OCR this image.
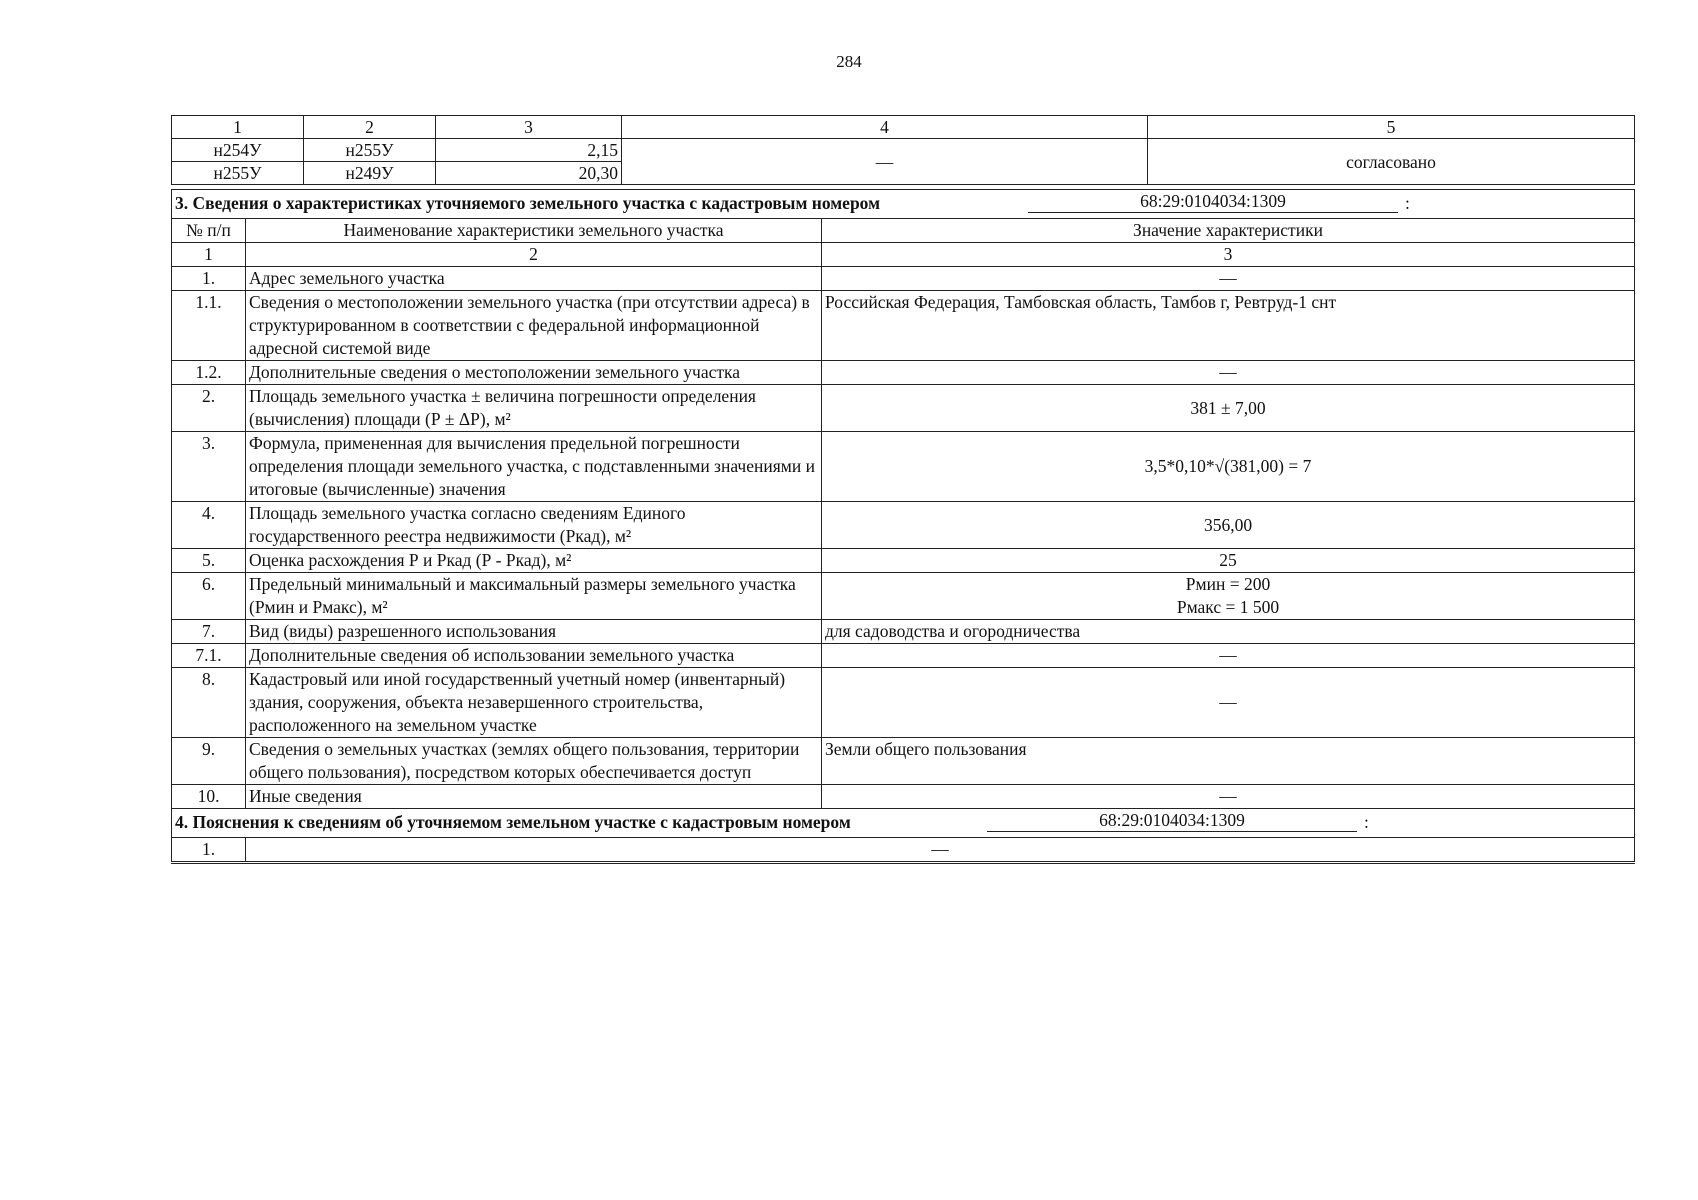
284
1	2	3	4	5
н254У	н255У	2,15	—	согласовано
н255У	н249У	20,30		
3. Сведения о характеристиках уточняемого земельного участка с кадастровым номером 68:29:0104034:1309 :		

№ п/п	Наименование характеристики земельного участка	Значение характеристики
1	2	3
1.	Адрес земельного участка	—
1.1.	Сведения о местоположении земельного участка (при отсутствии адреса) в структурированном в соответствии с федеральной информационной адресной системой виде	Российская Федерация, Тамбовская область, Тамбов г, Ревтруд-1 снт
1.2.	Дополнительные сведения о местоположении земельного участка	—
2.	Площадь земельного участка ± величина погрешности определения (вычисления) площади (Р ± ΔР), м²	381 ± 7,00
3.	Формула, примененная для вычисления предельной погрешности определения площади земельного участка, с подставленными значениями и итоговые (вычисленные) значения	3,5*0,10*√(381,00) = 7
4.	Площадь земельного участка согласно сведениям Единого государственного реестра недвижимости (Ркад), м²	356,00
5.	Оценка расхождения Р и Ркад (Р - Ркад), м²	25
6.	Предельный минимальный и максимальный размеры земельного участка (Рмин и Рмакс), м²	Рмин = 200
Рмакс = 1 500

7.	Вид (виды) разрешенного использования	для садоводства и огородничества
7.1.	Дополнительные сведения об использовании земельного участка	—
8.	Кадастровый или иной государственный учетный номер (инвентарный) здания, сооружения, объекта незавершенного строительства, расположенного на земельном участке	—
9.	Сведения о земельных участках (землях общего пользования, территории общего пользования), посредством которых обеспечивается доступ	Земли общего пользования
10.	Иные сведения	—
4. Пояснения к сведениям об уточняемом земельном участке с кадастровым номером 68:29:0104034:1309 :		

1.	—	
